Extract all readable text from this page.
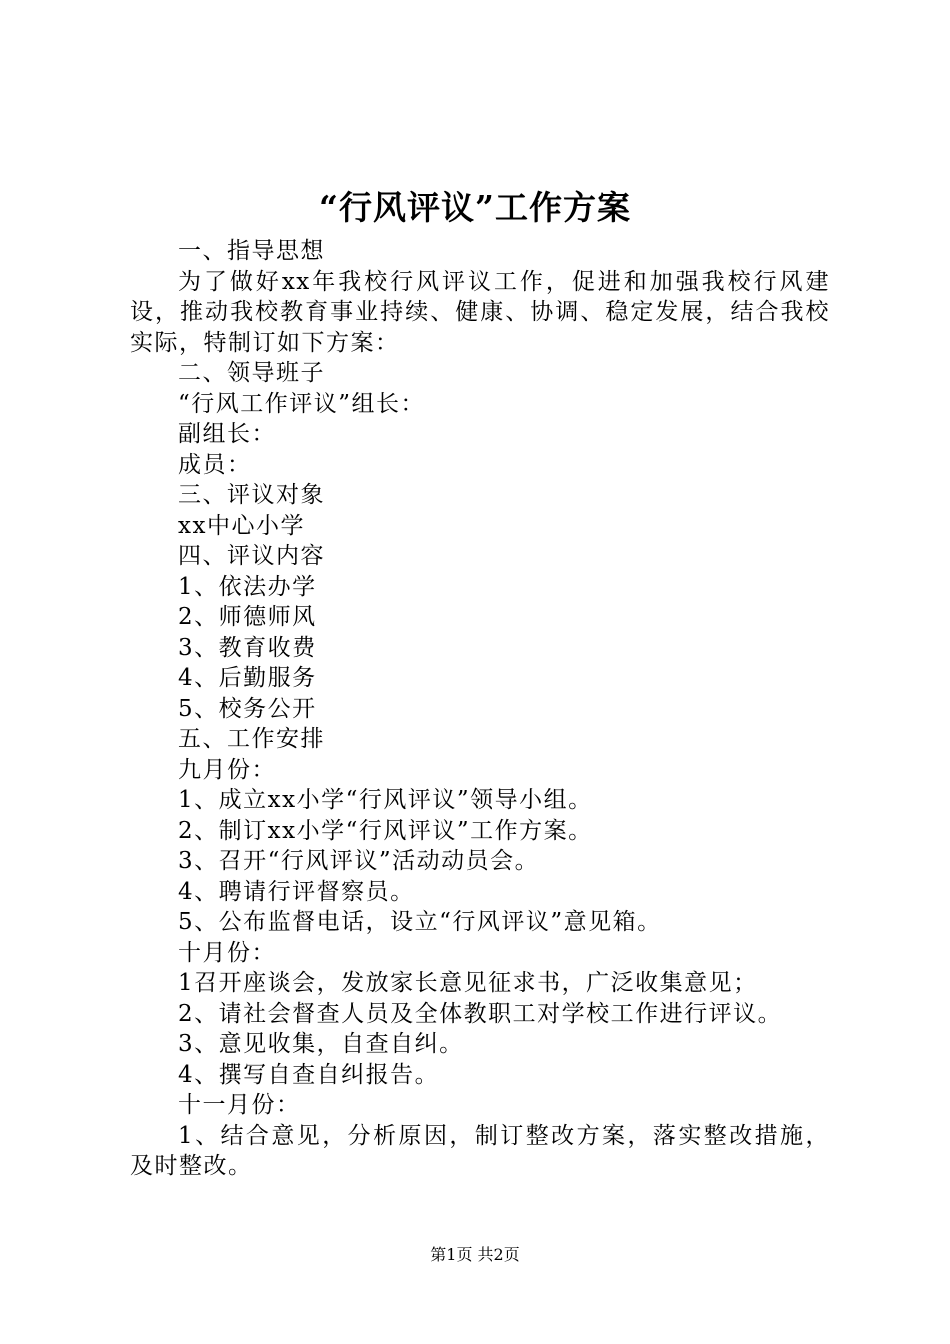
“行风评议”工作方案

一、指导思想

为了做好xx年我校行风评议工作，促进和加强我校行风建设，推动我校教育事业持续、健康、协调、稳定发展，结合我校实际，特制订如下方案：

二、领导班子

“行风工作评议”组长：

副组长：

成员：

三、评议对象

xx中心小学

四、评议内容

1、依法办学

2、师德师风

3、教育收费

4、后勤服务

5、校务公开

五、工作安排

九月份：

1、成立xx小学“行风评议”领导小组。

2、制订xx小学“行风评议”工作方案。

3、召开“行风评议”活动动员会。

4、聘请行评督察员。

5、公布监督电话，设立“行风评议”意见箱。

十月份：

1召开座谈会，发放家长意见征求书，广泛收集意见；

2、请社会督查人员及全体教职工对学校工作进行评议。

3、意见收集，自查自纠。

4、撰写自查自纠报告。

十一月份：

1、结合意见，分析原因，制订整改方案，落实整改措施，及时整改。

第1页 共2页
